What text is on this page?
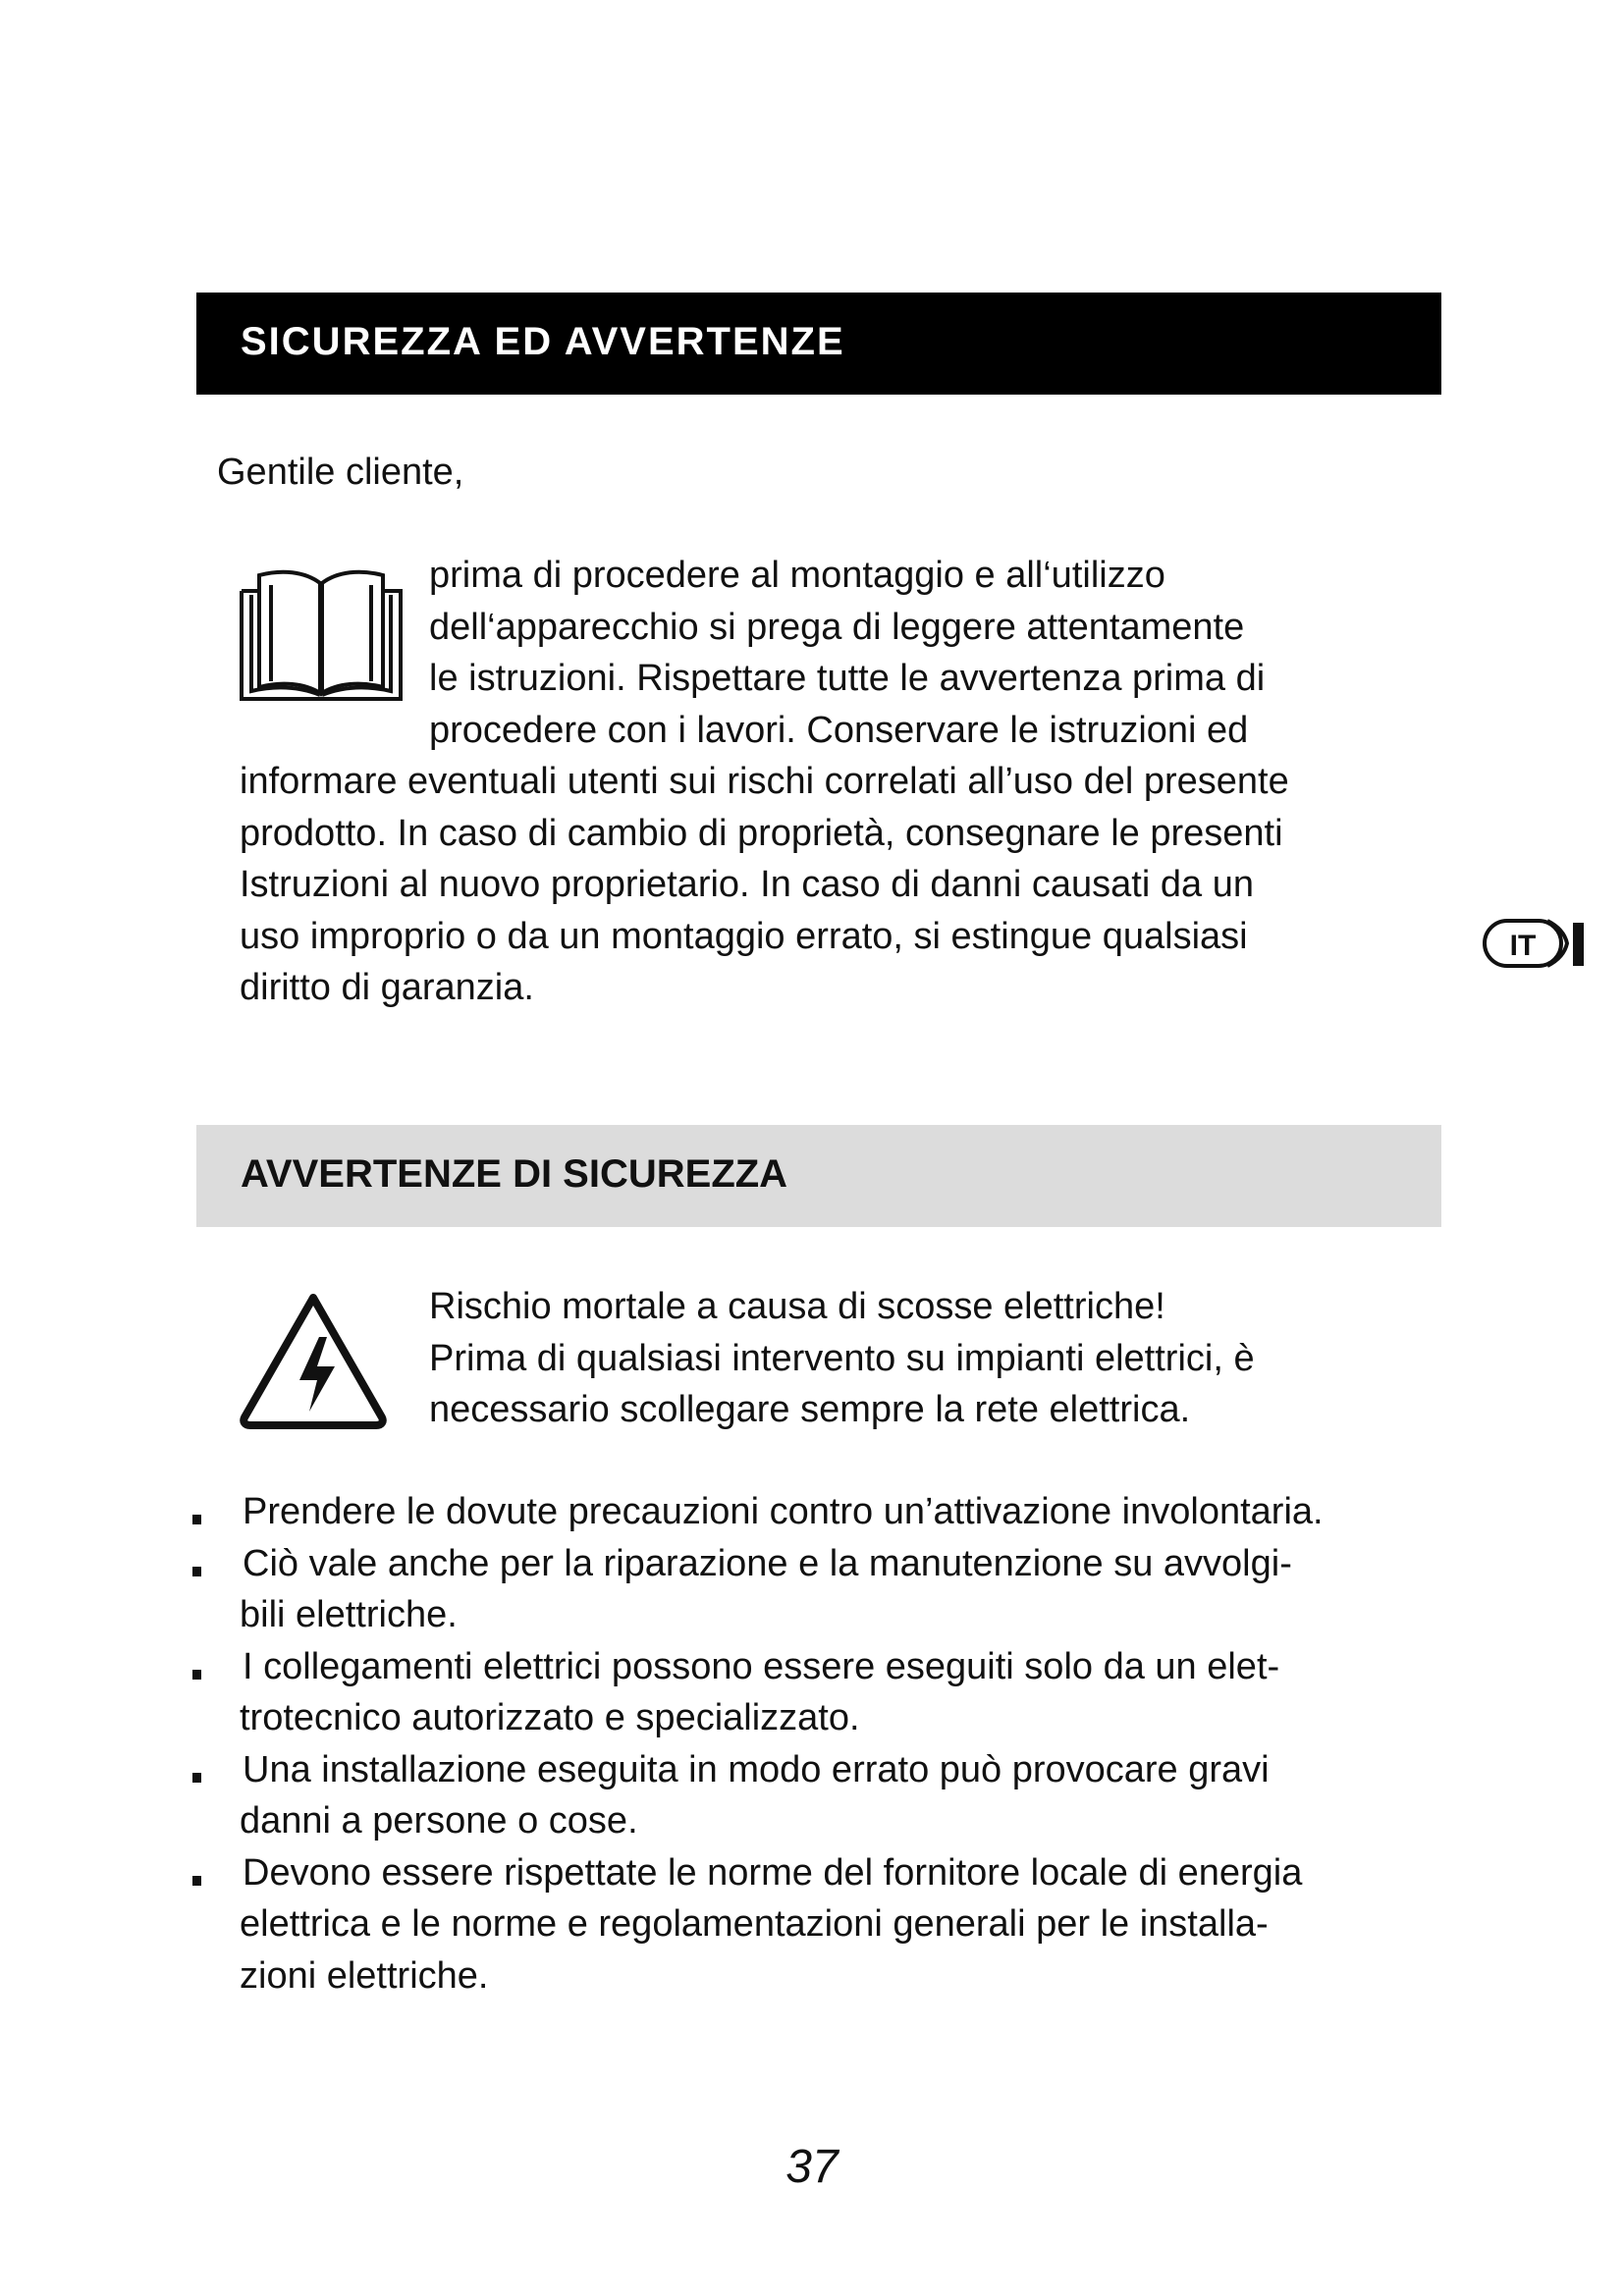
SICUREZZA ED AVVERTENZE
Gentile cliente,
prima di procedere al montaggio e all‘utilizzo
dell‘apparecchio si prega di leggere attentamente
le istruzioni. Rispettare tutte le avvertenza prima di
procedere con i lavori. Conservare le istruzioni ed
informare eventuali utenti sui rischi correlati all’uso del presente
prodotto. In caso di cambio di proprietà, consegnare le presenti
Istruzioni al nuovo proprietario. In caso di danni causati da un
uso improprio o da un montaggio errato, si estingue qualsiasi
diritto di garanzia.
IT
AVVERTENZE DI SICUREZZA
Rischio mortale a causa di scosse elettriche!
Prima di qualsiasi intervento su impianti elettrici, è
necessario scollegare sempre la rete elettrica.
Prendere le dovute precauzioni contro un’attivazione involontaria.
Ciò vale anche per la riparazione e la manutenzione su avvolgi-
bili elettriche.
I collegamenti elettrici possono essere eseguiti solo da un elet-
trotecnico autorizzato e specializzato.
Una installazione eseguita in modo errato può provocare gravi
danni a persone o cose.
Devono essere rispettate le norme del fornitore locale di energia
elettrica e le norme e regolamentazioni generali per le installa-
zioni elettriche.
37
